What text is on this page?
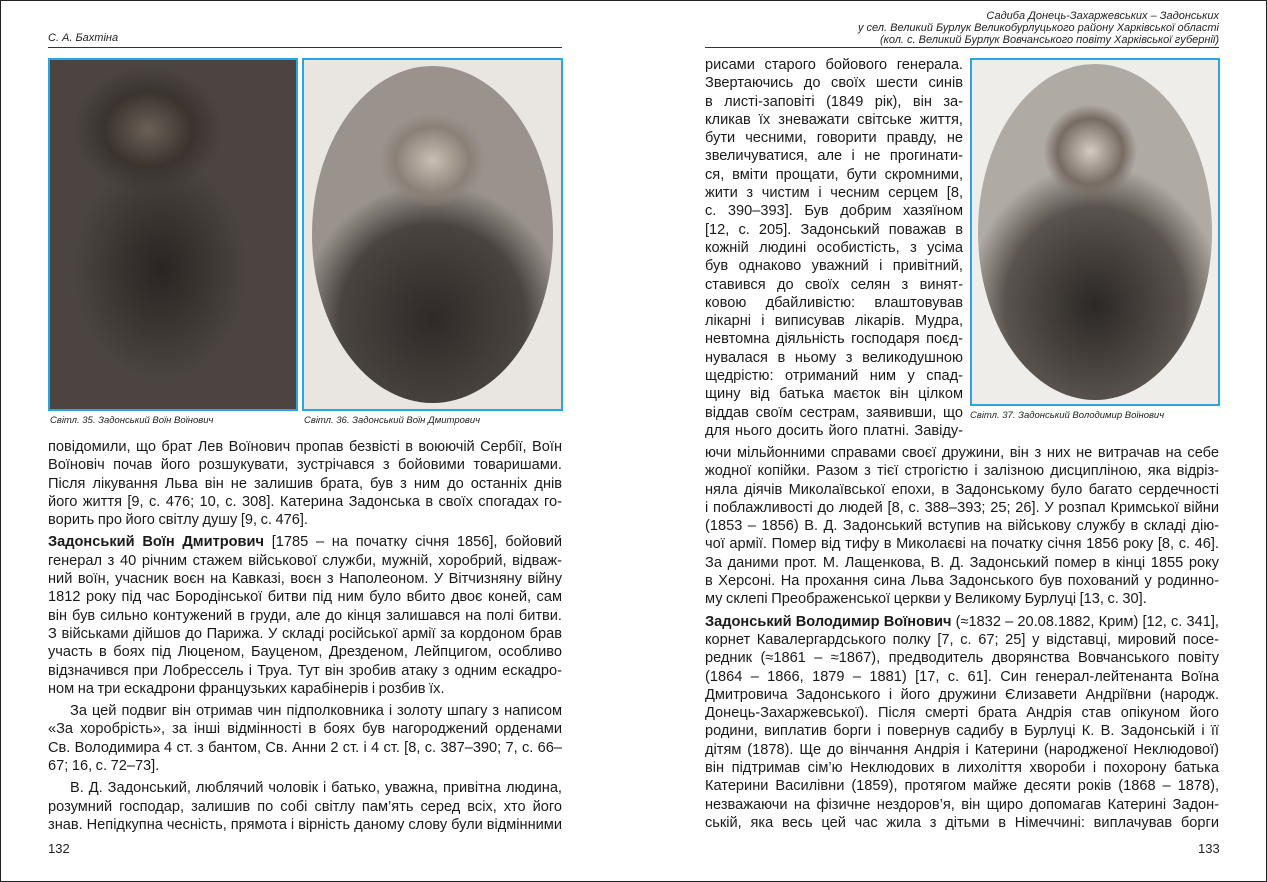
С. А. Бахтіна
Світл. 35. Задонський Воїн Воїнович	Світл. 36. Задонський Воїн Дмитрович
повідомили, що брат Лев Воїнович пропав безвісті в воюючій Сербії, Воїн
Воїновіч почав його розшукувати, зустрічався з бойовими товаришами.
Після лікування Льва він не залишив брата, був з ним до останніх днів
його життя [9, с. 476; 10, с. 308]. Катерина Задонська в своїх спогадах го-
ворить про його світлу душу [9, с. 476].
Задонський Воїн Дмитрович [1785 – на початку січня 1856], бойовий
генерал з 40 річним стажем військової служби, мужній, хоробрий, відваж-
ний воїн, учасник воєн на Кавказі, воєн з Наполеоном. У Вітчизняну війну
1812 року під час Бородінської битви під ним було вбито двоє коней, сам
він був сильно контужений в груди, але до кінця залишався на полі битви.
З військами дійшов до Парижа. У складі російської армії за кордоном брав
участь в боях під Люценом, Бауценом, Дрезденом, Лейпцигом, особливо
відзначився при Лобрессель і Труа. Тут він зробив атаку з одним ескадро-
ном на три ескадрони французьких карабінерів і розбив їх.
За цей подвиг він отримав чин підполковника і золоту шпагу з написом
«За хоробрість», за інші відмінності в боях був нагороджений орденами
Св. Володимира 4 ст. з бантом, Св. Анни 2 ст. і 4 ст. [8, с. 387–390; 7, с. 66–
67; 16, с. 72–73].
В. Д. Задонський, люблячий чоловік і батько, уважна, привітна людина,
розумний господар, залишив по собі світлу пам’ять серед всіх, хто його
знав. Непідкупна чесність, прямота і вірність даному слову були відмінними
132
Садиба Донець-Захаржевських – Задонських
у сел. Великий Бурлук Великобурлуцького району Харківської області
(кол. с. Великий Бурлук Вовчанського повіту Харківської губернії)
Світл. 37. Задонський Володимир Воїнович
рисами старого бойового генерала.
Звертаючись до своїх шести синів
в листі-заповіті (1849 рік), він за-
кликав їх зневажати світське життя,
бути чесними, говорити правду, не
звеличуватися, але і не прогинати-
ся, вміти прощати, бути скромними,
жити з чистим і чесним серцем [8,
с. 390–393]. Був добрим хазяїном
[12, с. 205]. Задонський поважав в
кожній людині особистість, з усіма
був однаково уважний і привітний,
ставився до своїх селян з винят-
ковою дбайливістю: влаштовував
лікарні і виписував лікарів. Мудра,
невтомна діяльність господаря поєд-
нувалася в ньому з великодушною
щедрістю: отриманий ним у спад-
щину від батька маєток він цілком
віддав своїм сестрам, заявивши, що
для нього досить його платні. Завіду-
ючи мільйонними справами своєї дружини, він з них не витрачав на себе
жодної копійки. Разом з тієї строгістю і залізною дисципліною, яка відріз-
няла діячів Миколаївської епохи, в Задонському було багато сердечності
і поблажливості до людей [8, с. 388–393; 25; 26]. У розпал Кримської війни
(1853 – 1856) В. Д. Задонський вступив на військову службу в складі дію-
чої армії. Помер від тифу в Миколаєві на початку січня 1856 року [8, с. 46].
За даними прот. М. Лащенкова, В. Д. Задонський помер в кінці 1855 року
в Херсоні. На прохання сина Льва Задонського був похований у родинно-
му склепі Преображенської церкви у Великому Бурлуці [13, с. 30].
Задонський Володимир Воїнович (≈1832 – 20.08.1882, Крим) [12, с. 341],
корнет Кавалергардського полку [7, с. 67; 25] у відставці, мировий посе-
редник (≈1861 – ≈1867), предводитель дворянства Вовчанського повіту
(1864 – 1866, 1879 – 1881) [17, с. 61]. Син генерал-лейтенанта Воїна
Дмитровича Задонського і його дружини Єлизавети Андріївни (народж.
Донець-Захаржевської). Після смерті брата Андрія став опікуном його
родини, виплатив борги і повернув садибу в Бурлуці К. В. Задонській і її
дітям (1878). Ще до вінчання Андрія і Катерини (народженої Неклюдової)
він підтримав сім’ю Неклюдових в лихоліття хвороби і похорону батька
Катерини Василівни (1859), протягом майже десяти років (1868 – 1878),
незважаючи на фізичне нездоров’я, він щиро допомагав Катерині Задон-
ській, яка весь цей час жила з дітьми в Німеччині: виплачував борги
133
